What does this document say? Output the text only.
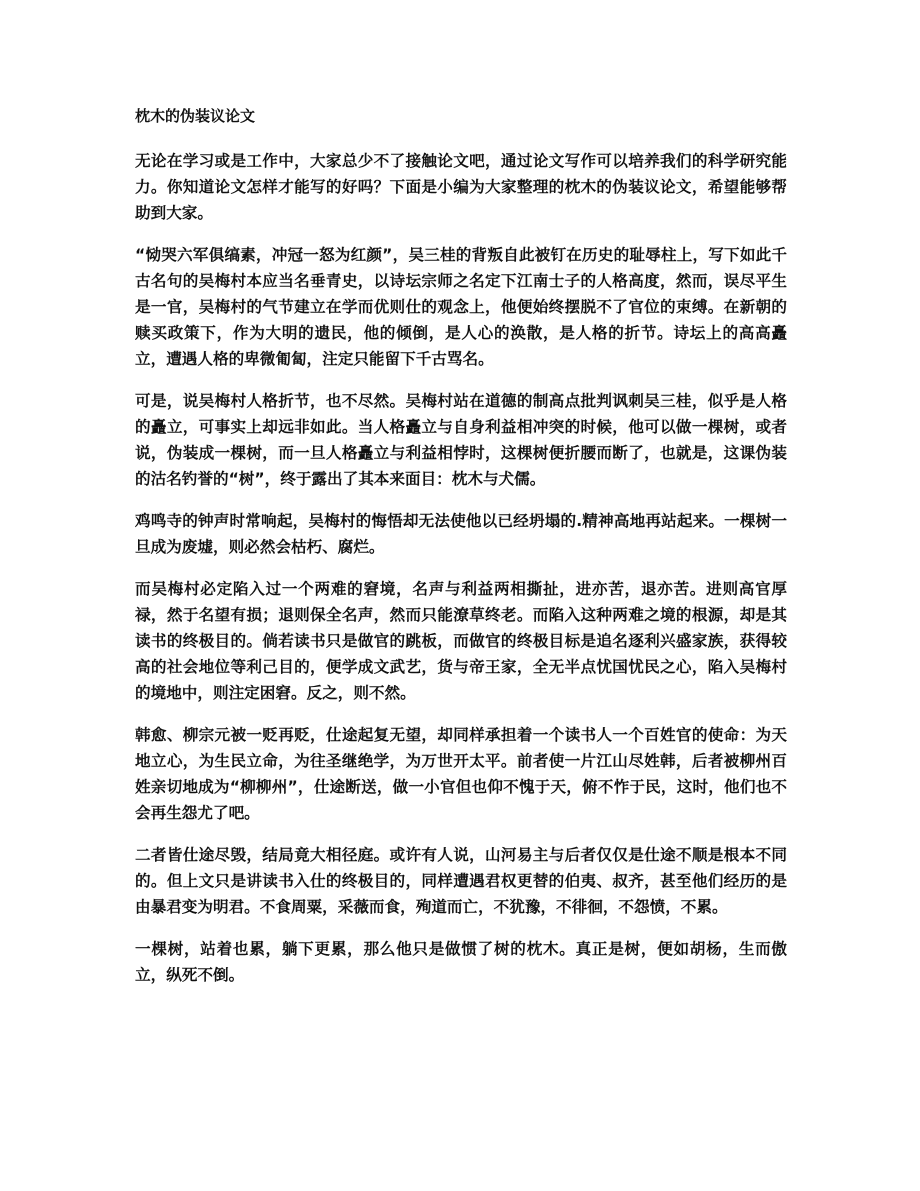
枕木的伪装议论文

无论在学习或是工作中，大家总少不了接触论文吧，通过论文写作可以培养我们的科学研究能力。你知道论文怎样才能写的好吗？下面是小编为大家整理的枕木的伪装议论文，希望能够帮助到大家。

“恸哭六军俱缟素，冲冠一怒为红颜”，吴三桂的背叛自此被钉在历史的耻辱柱上，写下如此千古名句的吴梅村本应当名垂青史，以诗坛宗师之名定下江南士子的人格高度，然而，误尽平生是一官，吴梅村的气节建立在学而优则仕的观念上，他便始终摆脱不了官位的束缚。在新朝的赎买政策下，作为大明的遗民，他的倾倒，是人心的涣散，是人格的折节。诗坛上的高高矗立，遭遇人格的卑微匍匐，注定只能留下千古骂名。

可是，说吴梅村人格折节，也不尽然。吴梅村站在道德的制高点批判讽刺吴三桂，似乎是人格的矗立，可事实上却远非如此。当人格矗立与自身利益相冲突的时候，他可以做一棵树，或者说，伪装成一棵树，而一旦人格矗立与利益相悖时，这棵树便折腰而断了，也就是，这课伪装的沽名钓誉的“树”，终于露出了其本来面目：枕木与犬儒。

鸡鸣寺的钟声时常响起，吴梅村的悔悟却无法使他以已经坍塌的.精神高地再站起来。一棵树一旦成为废墟，则必然会枯朽、腐烂。

而吴梅村必定陷入过一个两难的窘境，名声与利益两相撕扯，进亦苦，退亦苦。进则高官厚禄，然于名望有损；退则保全名声，然而只能潦草终老。而陷入这种两难之境的根源，却是其读书的终极目的。倘若读书只是做官的跳板，而做官的终极目标是追名逐利兴盛家族，获得较高的社会地位等利己目的，便学成文武艺，货与帝王家，全无半点忧国忧民之心，陷入吴梅村的境地中，则注定困窘。反之，则不然。

韩愈、柳宗元被一贬再贬，仕途起复无望，却同样承担着一个读书人一个百姓官的使命：为天地立心，为生民立命，为往圣继绝学，为万世开太平。前者使一片江山尽姓韩，后者被柳州百姓亲切地成为“柳柳州”，仕途断送，做一小官但也仰不愧于天，俯不怍于民，这时，他们也不会再生怨尤了吧。

二者皆仕途尽毁，结局竟大相径庭。或许有人说，山河易主与后者仅仅是仕途不顺是根本不同的。但上文只是讲读书入仕的终极目的，同样遭遇君权更替的伯夷、叔齐，甚至他们经历的是由暴君变为明君。不食周粟，采薇而食，殉道而亡，不犹豫，不徘徊，不怨愤，不累。

一棵树，站着也累，躺下更累，那么他只是做惯了树的枕木。真正是树，便如胡杨，生而傲立，纵死不倒。
